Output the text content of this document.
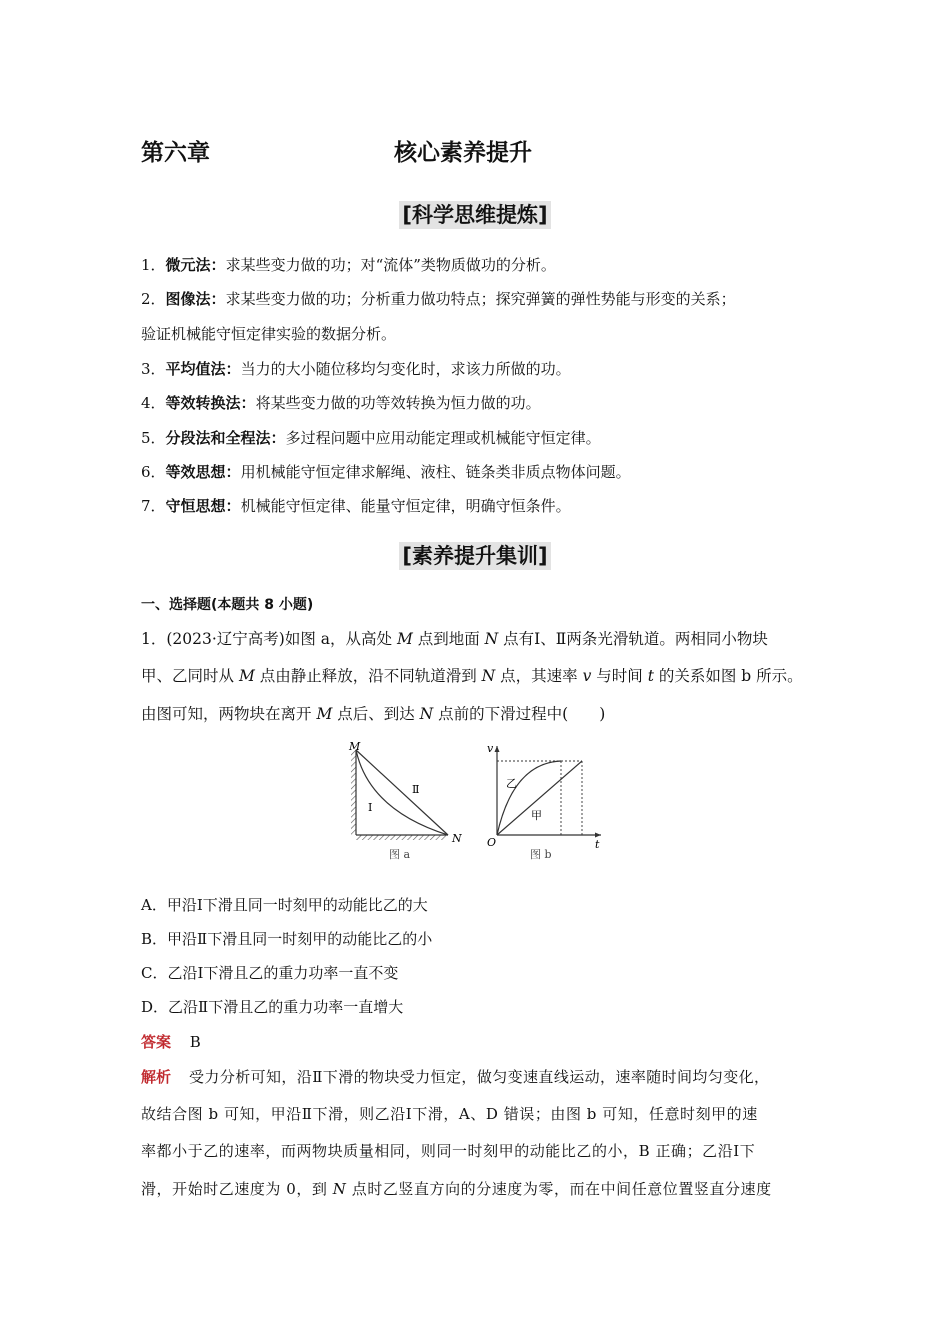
第六章	核心素养提升
[科学思维提炼]
1．微元法：求某些变力做的功；对“流体”类物质做功的分析。
2．图像法：求某些变力做的功；分析重力做功特点；探究弹簧的弹性势能与形变的关系；
验证机械能守恒定律实验的数据分析。
3．平均值法：当力的大小随位移均匀变化时，求该力所做的功。
4．等效转换法：将某些变力做的功等效转换为恒力做的功。
5．分段法和全程法：多过程问题中应用动能定理或机械能守恒定律。
6．等效思想：用机械能守恒定律求解绳、液柱、链条类非质点物体问题。
7．守恒思想：机械能守恒定律、能量守恒定律，明确守恒条件。
[素养提升集训]
一、选择题(本题共 8 小题)
1．(2023·辽宁高考)如图 a，从高处 M 点到地面 N 点有Ⅰ、Ⅱ两条光滑轨道。两相同小物块
甲、乙同时从 M 点由静止释放，沿不同轨道滑到 N 点，其速率 v 与时间 t 的关系如图 b 所示。
由图可知，两物块在离开 M 点后、到达 N 点前的下滑过程中(　　)
M
N
Ⅰ
Ⅱ
图 a
v
t
O
乙
甲
图 b
A．甲沿Ⅰ下滑且同一时刻甲的动能比乙的大
B．甲沿Ⅱ下滑且同一时刻甲的动能比乙的小
C．乙沿Ⅰ下滑且乙的重力功率一直不变
D．乙沿Ⅱ下滑且乙的重力功率一直增大
答案 B
解析 受力分析可知，沿Ⅱ下滑的物块受力恒定，做匀变速直线运动，速率随时间均匀变化，
故结合图 b 可知，甲沿Ⅱ下滑，则乙沿Ⅰ下滑，A、D 错误；由图 b 可知，任意时刻甲的速
率都小于乙的速率，而两物块质量相同，则同一时刻甲的动能比乙的小，B 正确；乙沿Ⅰ下
滑，开始时乙速度为 0，到 N 点时乙竖直方向的分速度为零，而在中间任意位置竖直分速度
